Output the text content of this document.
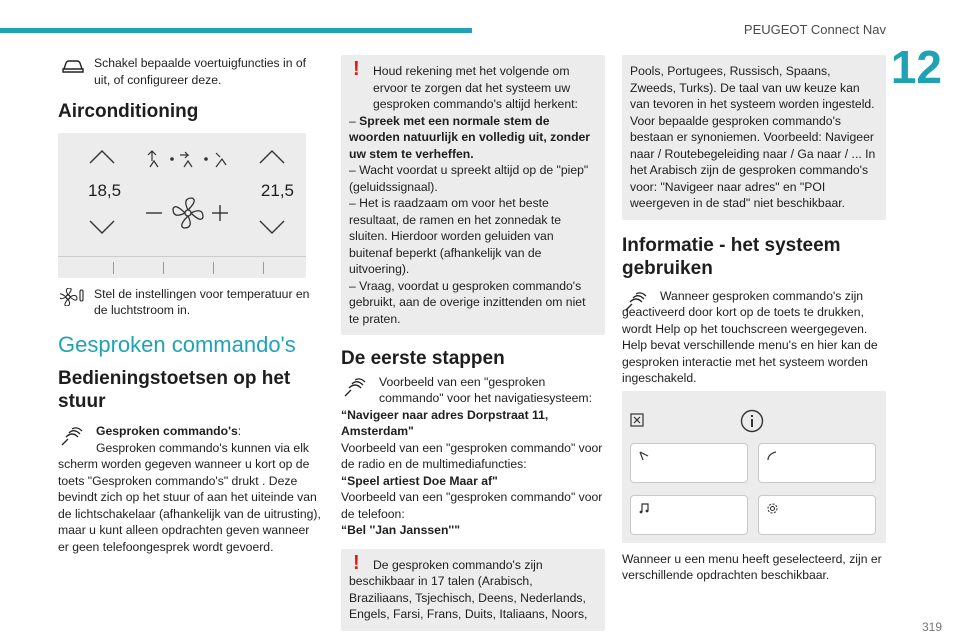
PEUGEOT Connect Nav
12
319
Schakel bepaalde voertuigfuncties in of uit, of configureer deze.
Airconditioning
18,5	21,5
Stel de instellingen voor temperatuur en de luchtstroom in.
Gesproken commando's
Bedieningstoetsen op het stuur
Gesproken commando's:
Gesproken commando's kunnen via elk scherm worden gegeven wanneer u kort op de toets "Gesproken commando's" drukt . Deze bevindt zich op het stuur of aan het uiteinde van de lichtschakelaar (afhankelijk van de uitrusting), maar u kunt alleen opdrachten geven wanneer er geen telefoongesprek wordt gevoerd.
!	Houd rekening met het volgende om ervoor te zorgen dat het systeem uw gesproken commando's altijd herkent:
– Spreek met een normale stem de woorden natuurlijk en volledig uit, zonder uw stem te verheffen.
– Wacht voordat u spreekt altijd op de "piep" (geluidssignaal).
– Het is raadzaam om voor het beste resultaat, de ramen en het zonnedak te sluiten. Hierdoor worden geluiden van buitenaf beperkt (afhankelijk van de uitvoering).
– Vraag, voordat u gesproken commando's gebruikt, aan de overige inzittenden om niet te praten.
De eerste stappen
Voorbeeld van een "gesproken commando" voor het navigatiesysteem:
“Navigeer naar adres Dorpstraat 11, Amsterdam"
Voorbeeld van een "gesproken commando" voor de radio en de multimediafuncties:
“Speel artiest Doe Maar af"
Voorbeeld van een "gesproken commando" voor de telefoon:
“Bel ''Jan Janssen''"
!	De gesproken commando's zijn beschikbaar in 17 talen (Arabisch, Braziliaans, Tsjechisch, Deens, Nederlands, Engels, Farsi, Frans, Duits, Italiaans, Noors,
Pools, Portugees, Russisch, Spaans, Zweeds, Turks). De taal van uw keuze kan van tevoren in het systeem worden ingesteld. Voor bepaalde gesproken commando's bestaan er synoniemen. Voorbeeld: Navigeer naar / Routebegeleiding naar / Ga naar / ... In het Arabisch zijn de gesproken commando's voor: "Navigeer naar adres" en "POI weergeven in de stad" niet beschikbaar.
Informatie - het systeem gebruiken
Wanneer gesproken commando's zijn geactiveerd door kort op de toets te drukken, wordt Help op het touchscreen weergegeven. Help bevat verschillende menu's en hier kan de gesproken interactie met het systeem worden ingeschakeld.
Wanneer u een menu heeft geselecteerd, zijn er verschillende opdrachten beschikbaar.
